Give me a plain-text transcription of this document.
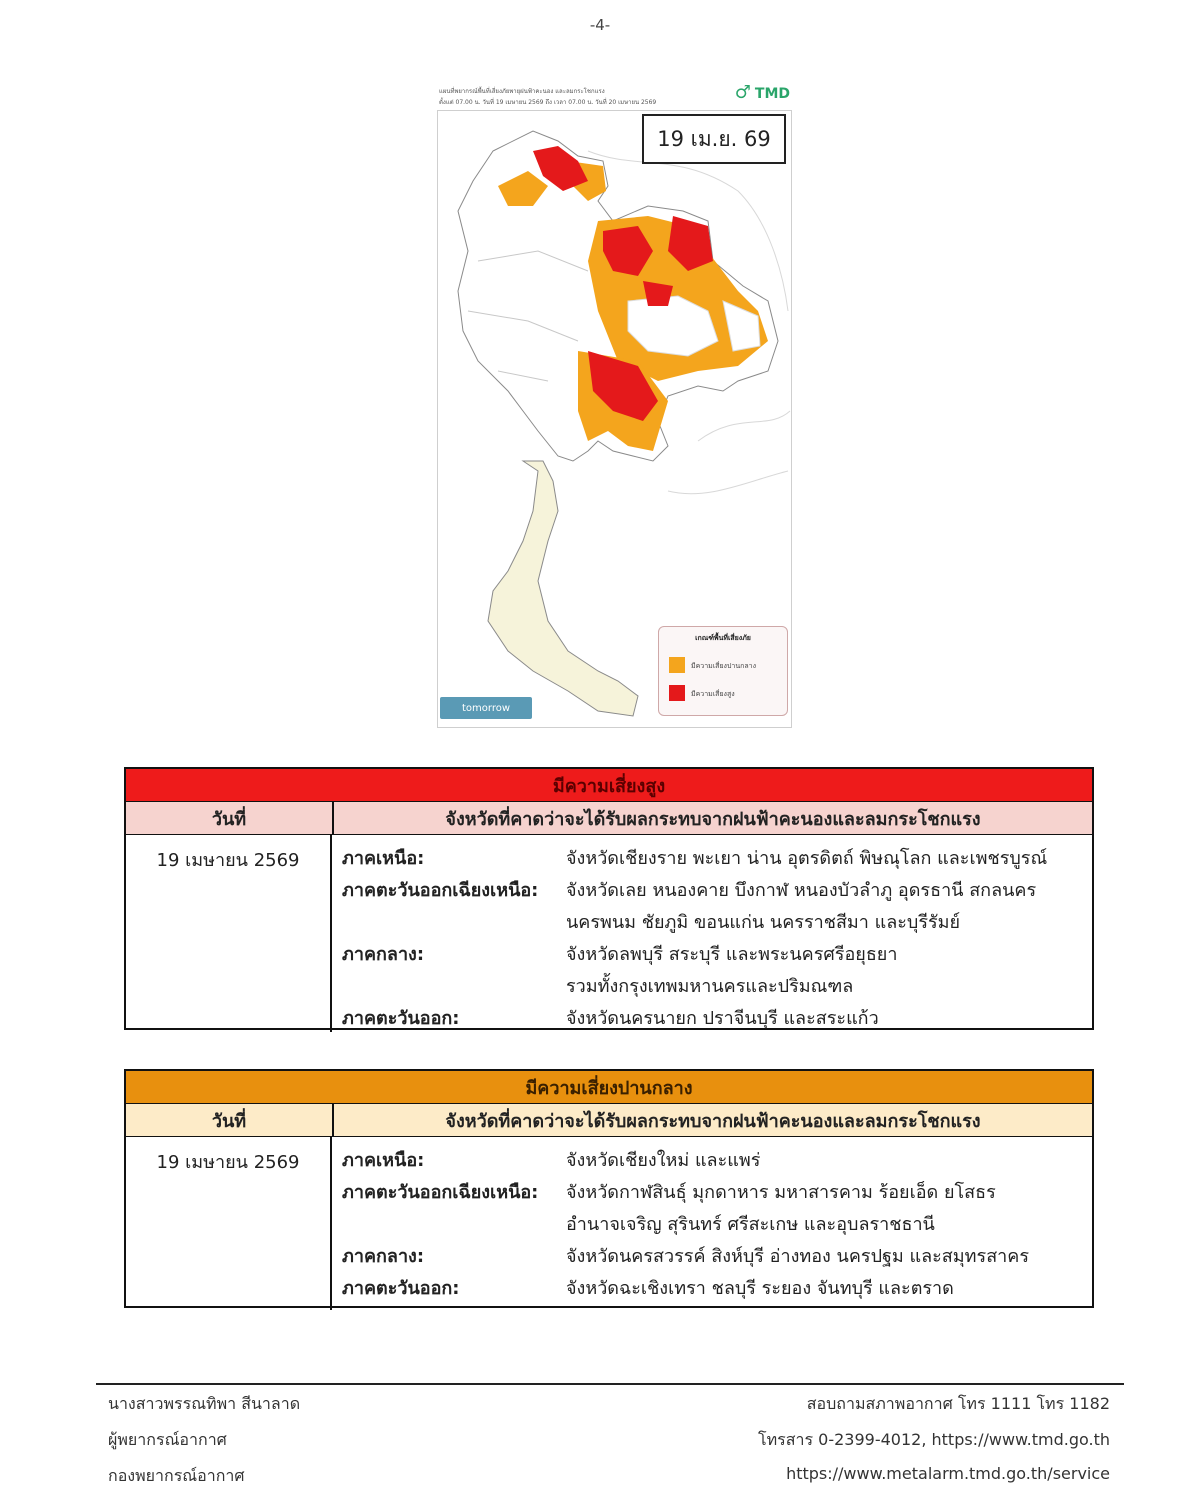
-4-
แผนที่พยากรณ์พื้นที่เสี่ยงภัยพายุฝนฟ้าคะนอง และลมกระโชกแรง
ตั้งแต่ 07.00 น. วันที่ 19 เมษายน 2569 ถึง เวลา 07.00 น. วันที่ 20 เมษายน 2569	♂ TMD
19 เม.ย. 69
เกณฑ์พื้นที่เสี่ยงภัย
มีความเสี่ยงปานกลาง
มีความเสี่ยงสูง
tomorrow
มีความเสี่ยงสูง
วันที่	จังหวัดที่คาดว่าจะได้รับผลกระทบจากฝนฟ้าคะนองและลมกระโชกแรง
19 เมษายน 2569	ภาคเหนือ:	จังหวัดเชียงราย พะเยา น่าน อุตรดิตถ์ พิษณุโลก และเพชรบูรณ์
ภาคตะวันออกเฉียงเหนือ: จังหวัดเลย หนองคาย บึงกาฬ หนองบัวลำภู อุดรธานี สกลนคร
นครพนม ชัยภูมิ ขอนแก่น นครราชสีมา และบุรีรัมย์
ภาคกลาง:	จังหวัดลพบุรี สระบุรี และพระนครศรีอยุธยา
รวมทั้งกรุงเทพมหานครและปริมณฑล
ภาคตะวันออก:	จังหวัดนครนายก ปราจีนบุรี และสระแก้ว
มีความเสี่ยงปานกลาง
วันที่	จังหวัดที่คาดว่าจะได้รับผลกระทบจากฝนฟ้าคะนองและลมกระโชกแรง
19 เมษายน 2569	ภาคเหนือ:	จังหวัดเชียงใหม่ และแพร่
ภาคตะวันออกเฉียงเหนือ: จังหวัดกาฬสินธุ์ มุกดาหาร มหาสารคาม ร้อยเอ็ด ยโสธร
อำนาจเจริญ สุรินทร์ ศรีสะเกษ และอุบลราชธานี
ภาคกลาง:	จังหวัดนครสวรรค์ สิงห์บุรี อ่างทอง นครปฐม และสมุทรสาคร
ภาคตะวันออก:	จังหวัดฉะเชิงเทรา ชลบุรี ระยอง จันทบุรี และตราด
นางสาวพรรณทิพา สีนาลาด
ผู้พยากรณ์อากาศ
กองพยากรณ์อากาศ
สอบถามสภาพอากาศ โทร 1111 โทร 1182
โทรสาร 0-2399-4012, https://www.tmd.go.th
https://www.metalarm.tmd.go.th/service
